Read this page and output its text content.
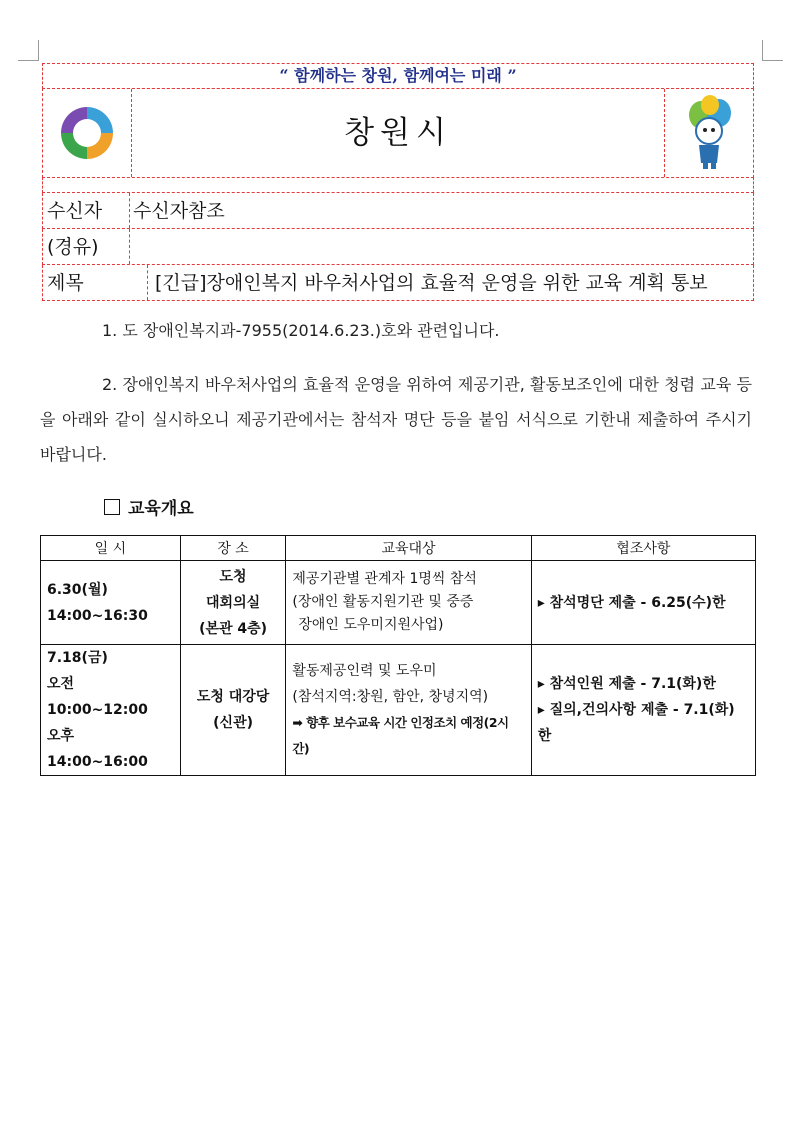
“ 함께하는 창원, 함께여는 미래 ”
창원시
수신자 수신자참조
(경유)
제목	[긴급]장애인복지 바우처사업의 효율적 운영을 위한 교육 계획 통보
1. 도 장애인복지과-7955(2014.6.23.)호와 관련입니다.
2. 장애인복지 바우처사업의 효율적 운영을 위하여 제공기관, 활동보조인에 대한 청렴 교육 등을 아래와 같이 실시하오니 제공기관에서는 참석자 명단 등을 붙임 서식으로 기한내 제출하여 주시기 바랍니다.
교육개요
일 시	장 소	교육대상	협조사항

6.30(월)
14:00~16:30	도청
대회의실
(본관 4층)	제공기관별 관계자 1명씩 참석
(장애인 활동지원기관 및 중증
장애인 도우미지원사업)	▸ 참석명단 제출 - 6.25(수)한

7.18(금)
오전 10:00~12:00
오후 14:00~16:00	도청 대강당
(신관)	활동제공인력 및 도우미
(참석지역:창원, 함안, 창녕지역)
➡ 향후 보수교육 시간 인정조치 예정(2시간)	▸ 참석인원 제출 - 7.1(화)한
▸ 질의,건의사항 제출 - 7.1(화)
한
